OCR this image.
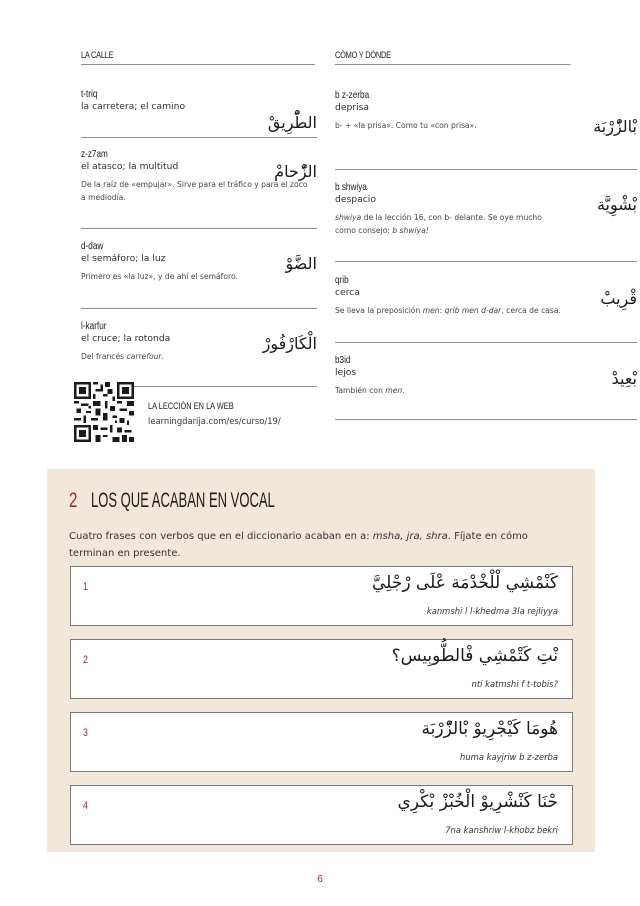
LA CALLE
t-triq
la carretera; el camino
الطّْرِيقْ
z-z7am
el atasco; la multitud	الزّْحامْ
De la raíz de «empujar». Sirve para el tráfico y para el zoco a mediodía.
d-daw
el semáforo; la luz	الضَّوْ
Primero es «la luz», y de ahí el semáforo.
l-karfur
el cruce; la rotonda	الْكَارْفُورْ
Del francés carrefour.
CÓMO Y DÓNDE
b z-zerba
deprisa
بْالزّْرْبَة
b- + «la prisa». Como tu «con prisa».
b shwiya
despacio	بْشْوِيَّة
shwiya de la lección 16, con b- delante. Se oye mucho como consejo: b shwiya!
qrib
cerca	قْرِيبْ
Se lleva la preposición men: qrib men d-dar, cerca de casa.
b3id
lejos	بْعِيدْ
También con men.
LA LECCIÓN EN LA WEB
learningdarija.com/es/curso/19/
2 LOS QUE ACABAN EN VOCAL
Cuatro frases con verbos que en el diccionario acaban en a: msha, jra, shra. Fíjate en cómo terminan en presente.
1	كَنْمْشِي لْلْخْدْمَة عْلَى رْجْلِيَّ
kanmshi l l-khedma 3la rejliyya
2	نْتِ كَتْمْشِي فْالطُّوبِيس؟
nti katmshi f t-tobis?
3	هُومَا كَيْجْرِيوْ بْالزّْرْبَة
huma kayjriw b z-zerba
4	حْنَا كَنْشْرِيوْ الْخُبْزْ بْكْرِي
7na kanshriw l-khobz bekri
6
